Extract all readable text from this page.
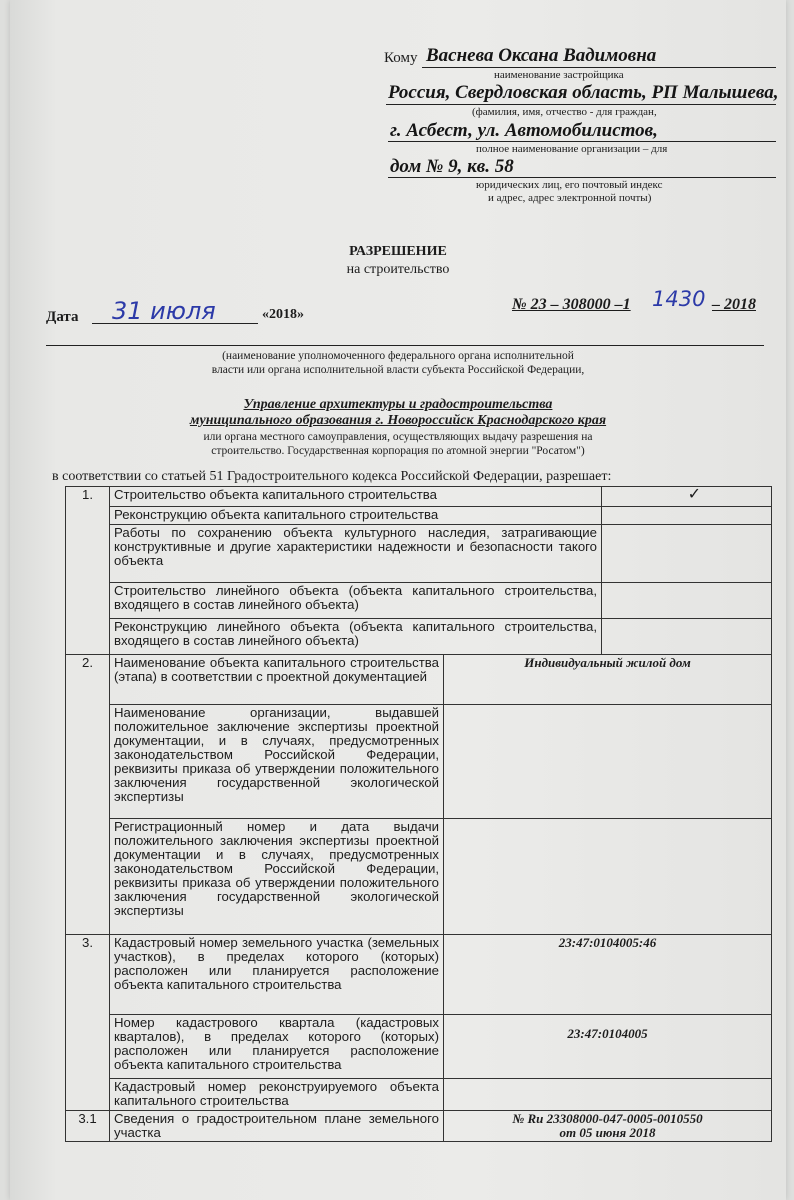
Кому Васнева Оксана Вадимовна
наименование застройщика
Россия, Свердловская область, РП Малышева,
(фамилия, имя, отчество - для граждан,
г. Асбест, ул. Автомобилистов,
полное наименование организации – для
дом № 9, кв. 58
юридических лиц, его почтовый индекс
и адрес, адрес электронной почты)
РАЗРЕШЕНИЕ
на строительство
Дата 31 июля	«2018»
№ 23 – 308000 –1 1430 – 2018
(наименование уполномоченного федерального органа исполнительной
власти или органа исполнительной власти субъекта Российской Федерации,
Управление архитектуры и градостроительства
муниципального образования г. Новороссийск Краснодарского края
или органа местного самоуправления, осуществляющих выдачу разрешения на
строительство. Государственная корпорация по атомной энергии "Росатом")
в соответствии со статьей 51 Градостроительного кодекса Российской Федерации, разрешает:
1.	Строительство объекта капитального строительства		✓
	Реконструкцию объекта капитального строительства		
	Работы по сохранению объекта культурного наследия, затрагивающие конструктивные и другие характеристики надежности и безопасности такого объекта		
	Строительство линейного объекта (объекта капитального строительства, входящего в состав линейного объекта)		
	Реконструкцию линейного объекта (объекта капитального строительства, входящего в состав линейного объекта)		
2.	Наименование объекта капитального строительства (этапа) в соответствии с проектной документацией	Индивидуальный жилой дом	
	Наименование организации, выдавшей положительное заключение экспертизы проектной документации, и в случаях, предусмотренных законодательством Российской Федерации, реквизиты приказа об утверждении положительного заключения государственной экологической экспертизы		
	Регистрационный номер и дата выдачи положительного заключения экспертизы проектной документации и в случаях, предусмотренных законодательством Российской Федерации, реквизиты приказа об утверждении положительного заключения государственной экологической экспертизы		
3.	Кадастровый номер земельного участка (земельных участков), в пределах которого (которых) расположен или планируется расположение объекта капитального строительства	23:47:0104005:46	
	Номер кадастрового квартала (кадастровых кварталов), в пределах которого (которых) расположен или планируется расположение объекта капитального строительства	23:47:0104005	
	Кадастровый номер реконструируемого объекта капитального строительства		
3.1	Сведения о градостроительном плане земельного участка	№ Ru 23308000-047-0005-0010550
от 05 июня 2018	
